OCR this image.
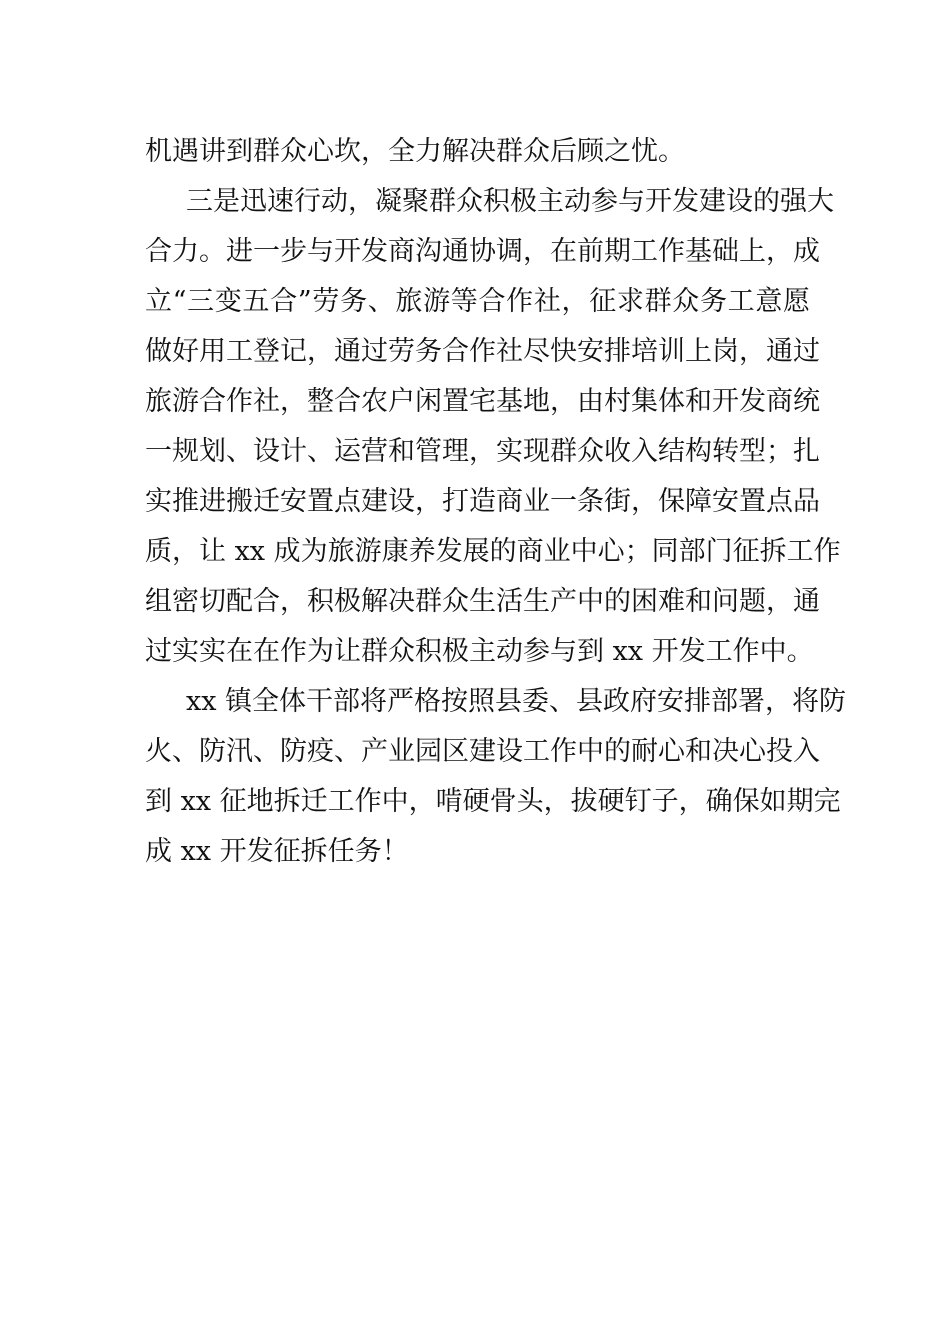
机遇讲到群众心坎，全力解决群众后顾之忧。
三是迅速行动，凝聚群众积极主动参与开发建设的强大
合力。进一步与开发商沟通协调，在前期工作基础上，成
立“三变五合”劳务、旅游等合作社，征求群众务工意愿
做好用工登记，通过劳务合作社尽快安排培训上岗，通过
旅游合作社，整合农户闲置宅基地，由村集体和开发商统
一规划、设计、运营和管理，实现群众收入结构转型；扎
实推进搬迁安置点建设，打造商业一条街，保障安置点品
质，让 xx 成为旅游康养发展的商业中心；同部门征拆工作
组密切配合，积极解决群众生活生产中的困难和问题，通
过实实在在作为让群众积极主动参与到 xx 开发工作中。
xx 镇全体干部将严格按照县委、县政府安排部署，将防
火、防汛、防疫、产业园区建设工作中的耐心和决心投入
到 xx 征地拆迁工作中，啃硬骨头，拔硬钉子，确保如期完
成 xx 开发征拆任务！
